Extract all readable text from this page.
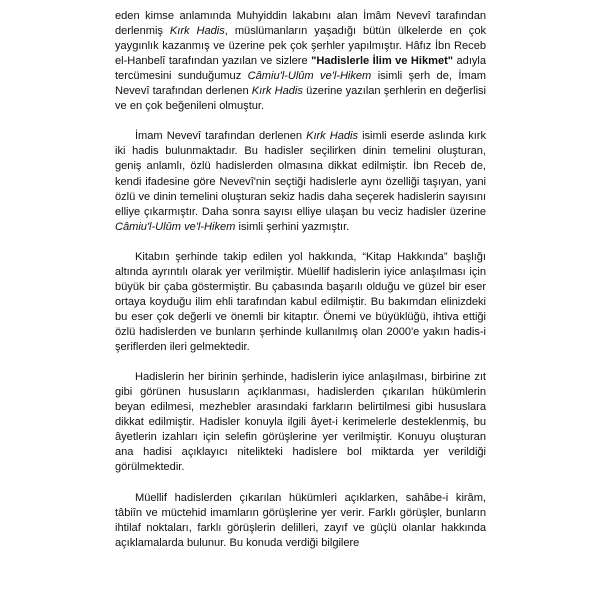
eden kimse anlamında Muhyiddin lakabını alan İmâm Nevevî tarafından derlenmiş Kırk Hadis, müslümanların yaşadığı bütün ülkelerde en çok yaygınlık kazanmış ve üzerine pek çok şerhler yapılmıştır. Hâfız İbn Receb el-Hanbelî tarafından yazılan ve sizlere "Hadislerle İlim ve Hikmet" adıyla tercümesini sunduğumuz Câmiu'l-Ulûm ve'l-Hikem isimli şerh de, İmam Nevevî tarafından derlenen Kırk Hadis üzerine yazılan şerhlerin en değerlisi ve en çok beğenileni olmuştur.

İmam Nevevî tarafından derlenen Kırk Hadis isimli eserde aslında kırk iki hadis bulunmaktadır. Bu hadisler seçilirken dinin temelini oluşturan, geniş anlamlı, özlü hadislerden olmasına dikkat edilmiştir. İbn Receb de, kendi ifadesine göre Nevevî'nin seçtiği hadislerle aynı özelliği taşıyan, yani özlü ve dinin temelini oluşturan sekiz hadis daha seçerek hadislerin sayısını elliye çıkarmıştır. Daha sonra sayısı elliye ulaşan bu veciz hadisler üzerine Câmiu'l-Ulûm ve'l-Hikem isimli şerhini yazmıştır.

Kitabın şerhinde takip edilen yol hakkında, “Kitap Hakkında” başlığı altında ayrıntılı olarak yer verilmiştir. Müellif hadislerin iyice anlaşılması için büyük bir çaba göstermiştir. Bu çabasında başarılı olduğu ve güzel bir eser ortaya koyduğu ilim ehli tarafından kabul edilmiştir. Bu bakımdan elinizdeki bu eser çok değerli ve önemli bir kitaptır. Önemi ve büyüklüğü, ihtiva ettiği özlü hadislerden ve bunların şerhinde kullanılmış olan 2000'e yakın hadis-i şeriflerden ileri gelmektedir.

Hadislerin her birinin şerhinde, hadislerin iyice anlaşılması, birbirine zıt gibi görünen hususların açıklanması, hadislerden çıkarılan hükümlerin beyan edilmesi, mezhebler arasındaki farkların belirtilmesi gibi hususlara dikkat edilmiştir. Hadisler konuyla ilgili âyet-i kerimelerle desteklenmiş, bu âyetlerin izahları için selefin görüşlerine yer verilmiştir. Konuyu oluşturan ana hadisi açıklayıcı nitelikteki hadislere bol miktarda yer verildiği görülmektedir.

Müellif hadislerden çıkarılan hükümleri açıklarken, sahâbe-i kirâm, tâbiîn ve müctehid imamların görüşlerine yer verir. Farklı görüşler, bunların ihtilaf noktaları, farklı görüşlerin delilleri, zayıf ve güçlü olanlar hakkında açıklamalarda bulunur. Bu konuda verdiği bilgilere
